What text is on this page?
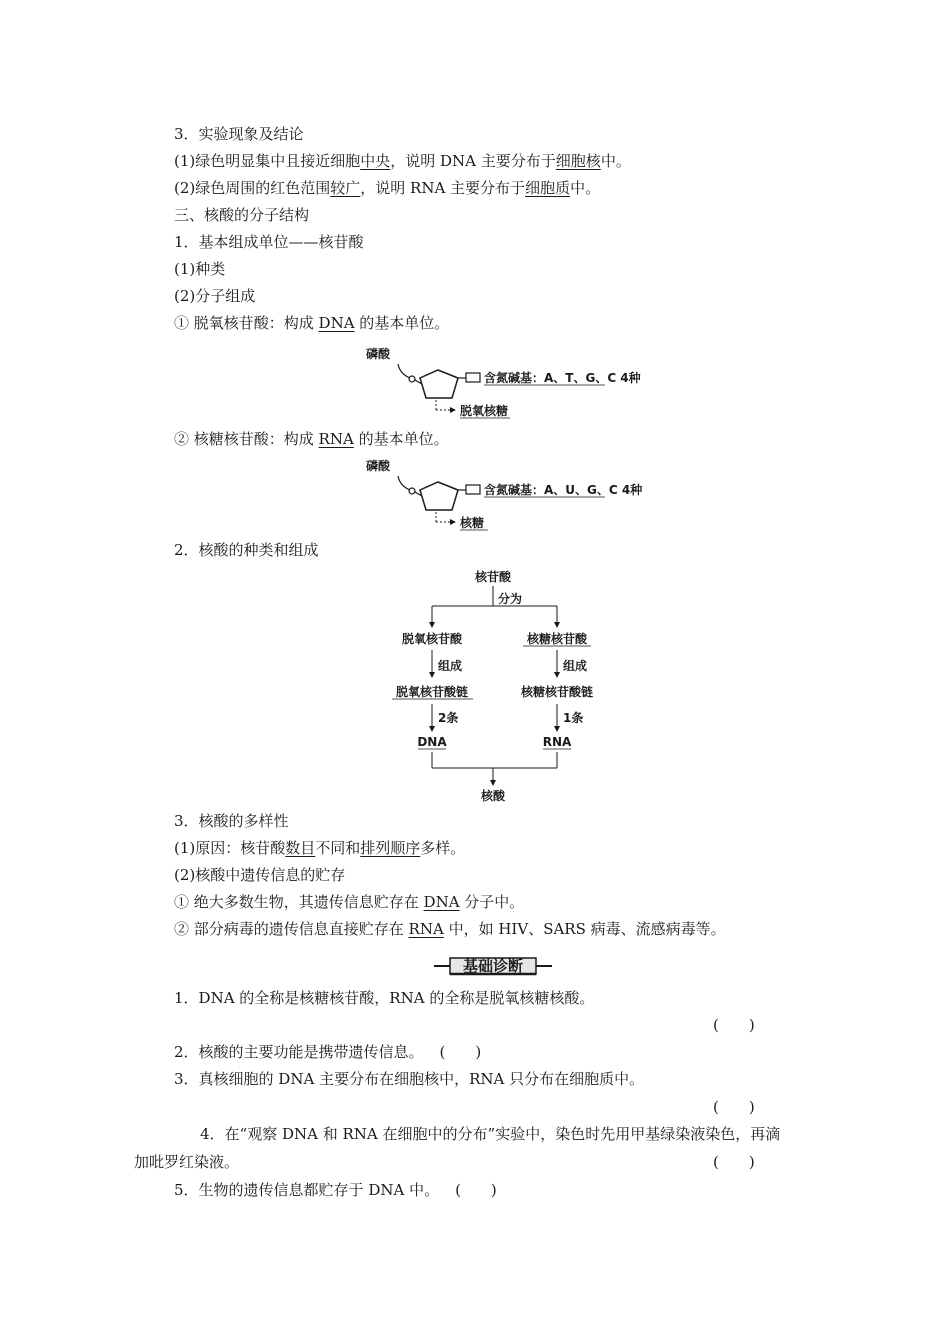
3．实验现象及结论
(1)绿色明显集中且接近细胞中央，说明 DNA 主要分布于细胞核中。
(2)绿色周围的红色范围较广，说明 RNA 主要分布于细胞质中。
三、核酸的分子结构
1．基本组成单位——核苷酸
(1)种类
(2)分子组成
① 脱氧核苷酸：构成 DNA 的基本单位。
磷酸
含氮碱基：A、T、G、C 4种
脱氧核糖
② 核糖核苷酸：构成 RNA 的基本单位。
磷酸
含氮碱基：A、U、G、C 4种
核糖
2．核酸的种类和组成
核苷酸
分为
脱氧核苷酸	核糖核苷酸
组成	组成
脱氧核苷酸链	核糖核苷酸链
2条	1条
DNA	RNA
核酸
3．核酸的多样性
(1)原因：核苷酸数目不同和排列顺序多样。
(2)核酸中遗传信息的贮存
① 绝大多数生物，其遗传信息贮存在 DNA 分子中。
② 部分病毒的遗传信息直接贮存在 RNA 中，如 HIV、SARS 病毒、流感病毒等。
基础诊断
1．DNA 的全称是核糖核苷酸，RNA 的全称是脱氧核糖核酸。
(　　)
2．核酸的主要功能是携带遗传信息。 (　　)
3．真核细胞的 DNA 主要分布在细胞核中，RNA 只分布在细胞质中。
(　　)
4．在“观察 DNA 和 RNA 在细胞中的分布”实验中，染色时先用甲基绿染液染色，再滴
加吡罗红染液。	(　　)
5．生物的遗传信息都贮存于 DNA 中。 (　　)
